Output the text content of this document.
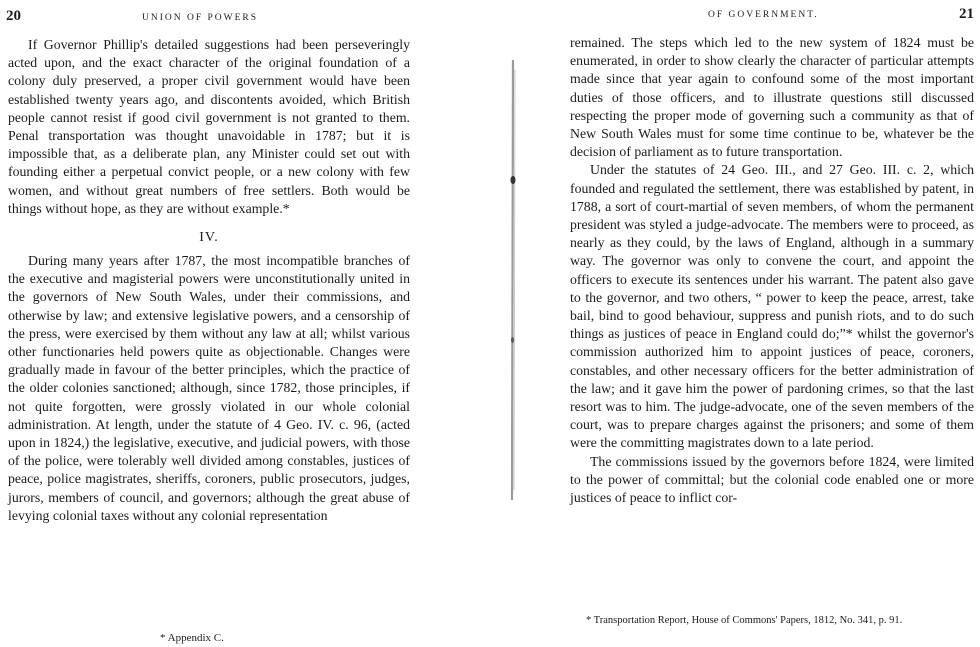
20	UNION OF POWERS

If Governor Phillip's detailed suggestions had been perseveringly acted upon, and the exact character of the original foundation of a colony duly preserved, a proper civil government would have been established twenty years ago, and discontents avoided, which British people cannot resist if good civil government is not granted to them. Penal transportation was thought unavoidable in 1787; but it is impossible that, as a deliberate plan, any Minister could set out with founding either a perpetual convict people, or a new colony with few women, and without great numbers of free settlers. Both would be things without hope, as they are without example.*

IV.

During many years after 1787, the most incompatible branches of the executive and magisterial powers were unconstitutionally united in the governors of New South Wales, under their commissions, and otherwise by law; and extensive legislative powers, and a censorship of the press, were exercised by them without any law at all; whilst various other functionaries held powers quite as objectionable. Changes were gradually made in favour of the better principles, which the practice of the older colonies sanctioned; although, since 1782, those principles, if not quite forgotten, were grossly violated in our whole colonial administration. At length, under the statute of 4 Geo. IV. c. 96, (acted upon in 1824,) the legislative, executive, and judicial powers, with those of the police, were tolerably well divided among constables, justices of peace, police magistrates, sheriffs, coroners, public prosecutors, judges, jurors, members of council, and governors; although the great abuse of levying colonial taxes without any colonial representation

* Appendix C.
OF GOVERNMENT.	21

remained. The steps which led to the new system of 1824 must be enumerated, in order to show clearly the character of particular attempts made since that year again to confound some of the most important duties of those officers, and to illustrate questions still discussed respecting the proper mode of governing such a community as that of New South Wales must for some time continue to be, whatever be the decision of parliament as to future transportation.

Under the statutes of 24 Geo. III., and 27 Geo. III. c. 2, which founded and regulated the settlement, there was established by patent, in 1788, a sort of court-martial of seven members, of whom the permanent president was styled a judge-advocate. The members were to proceed, as nearly as they could, by the laws of England, although in a summary way. The governor was only to convene the court, and appoint the officers to execute its sentences under his warrant. The patent also gave to the governor, and two others, “ power to keep the peace, arrest, take bail, bind to good behaviour, suppress and punish riots, and to do such things as justices of peace in England could do;”* whilst the governor's commission authorized him to appoint justices of peace, coroners, constables, and other necessary officers for the better administration of the law; and it gave him the power of pardoning crimes, so that the last resort was to him. The judge-advocate, one of the seven members of the court, was to prepare charges against the prisoners; and some of them were the committing magistrates down to a late period.

The commissions issued by the governors before 1824, were limited to the power of committal; but the colonial code enabled one or more justices of peace to inflict cor-

* Transportation Report, House of Commons' Papers, 1812, No. 341, p. 91.
